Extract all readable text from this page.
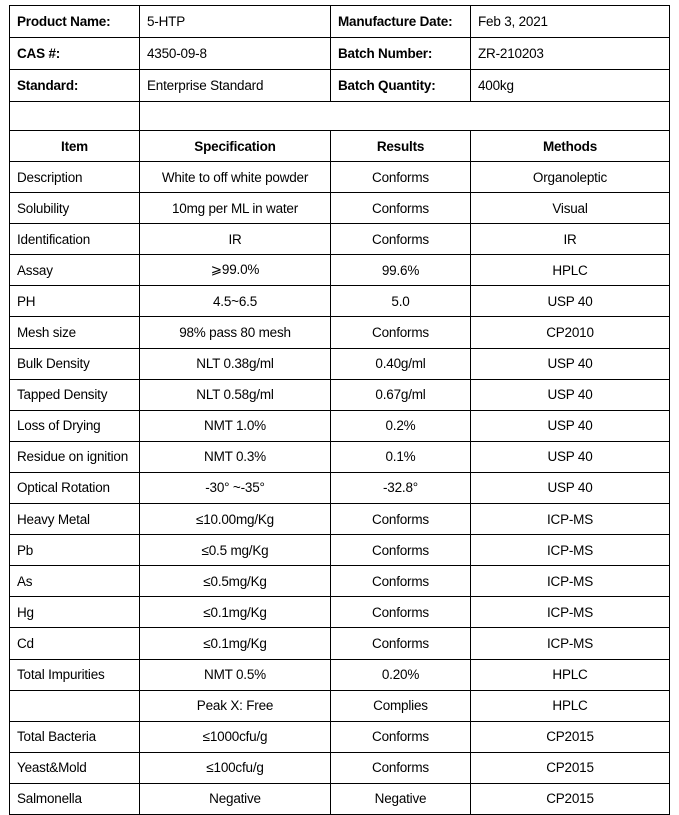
Product Name:	5-HTP	Manufacture Date:	Feb 3, 2021
CAS #:	4350-09-8	Batch Number:	ZR-210203
Standard:	Enterprise Standard	Batch Quantity:	400kg

Item	Specification	Results	Methods
Description	White to off white powder	Conforms	Organoleptic
Solubility	10mg per ML in water	Conforms	Visual
Identification	IR	Conforms	IR
Assay	⩾99.0%	99.6%	HPLC
PH	4.5~6.5	5.0	USP 40
Mesh size	98% pass 80 mesh	Conforms	CP2010
Bulk Density	NLT 0.38g/ml	0.40g/ml	USP 40
Tapped Density	NLT 0.58g/ml	0.67g/ml	USP 40
Loss of Drying	NMT 1.0%	0.2%	USP 40
Residue on ignition	NMT 0.3%	0.1%	USP 40
Optical Rotation	-30° ~-35°	-32.8°	USP 40
Heavy Metal	≤10.00mg/Kg	Conforms	ICP-MS
Pb	≤0.5 mg/Kg	Conforms	ICP-MS
As	≤0.5mg/Kg	Conforms	ICP-MS
Hg	≤0.1mg/Kg	Conforms	ICP-MS
Cd	≤0.1mg/Kg	Conforms	ICP-MS
Total Impurities	NMT 0.5%	0.20%	HPLC
	Peak X: Free	Complies	HPLC
Total Bacteria	≤1000cfu/g	Conforms	CP2015
Yeast&Mold	≤100cfu/g	Conforms	CP2015
Salmonella	Negative	Negative	CP2015
